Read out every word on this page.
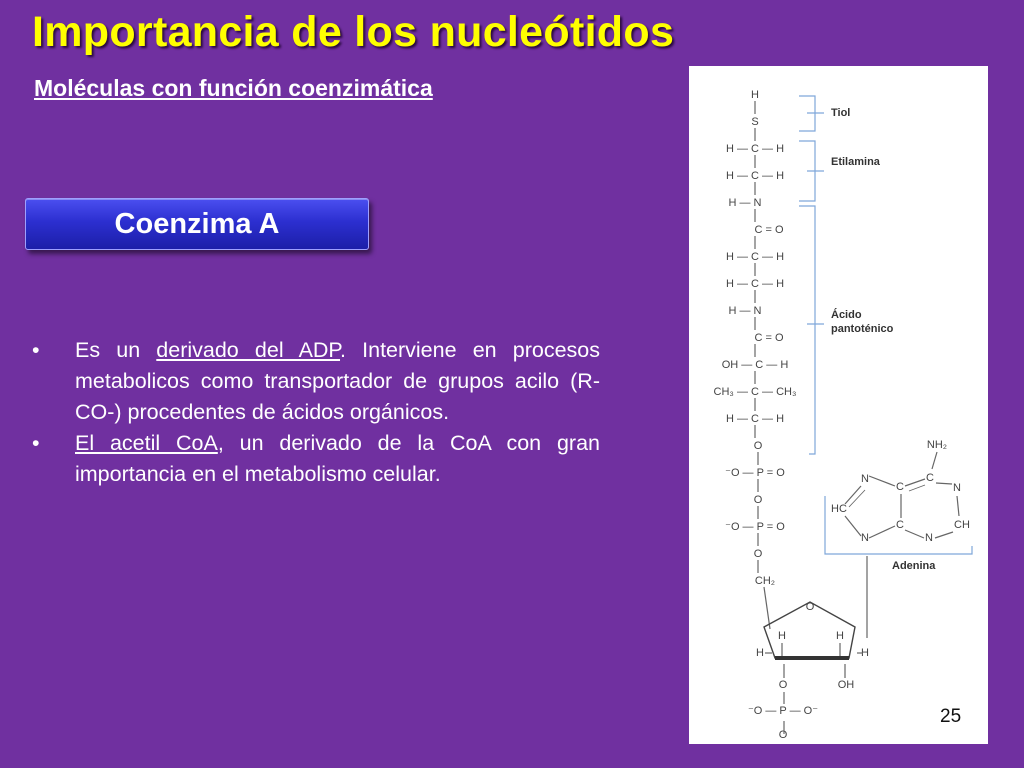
Importancia de los nucleótidos
Moléculas con función coenzimática
Coenzima A
• Es un derivado del ADP. Interviene en procesos metabolicos como transportador de grupos acilo (R-CO-) procedentes de ácidos orgánicos.
• El acetil CoA, un derivado de la CoA con gran importancia en el metabolismo celular.
H
S
H — C — H
H — C — H
H — N
C = O
H — C — H
H — C — H
H — N
C = O
OH — C — H
CH₃ — C — CH₃
H — C — H
O
⁻O — P = O
O
⁻O — P = O
O
CH₂
O
H	H
H	H
O	OH
⁻O — P — O⁻
O
NH₂
C
N
N
C
HC
C	CH
N	N
Tiol
Etilamina
Ácido
pantoténico
Adenina
25
